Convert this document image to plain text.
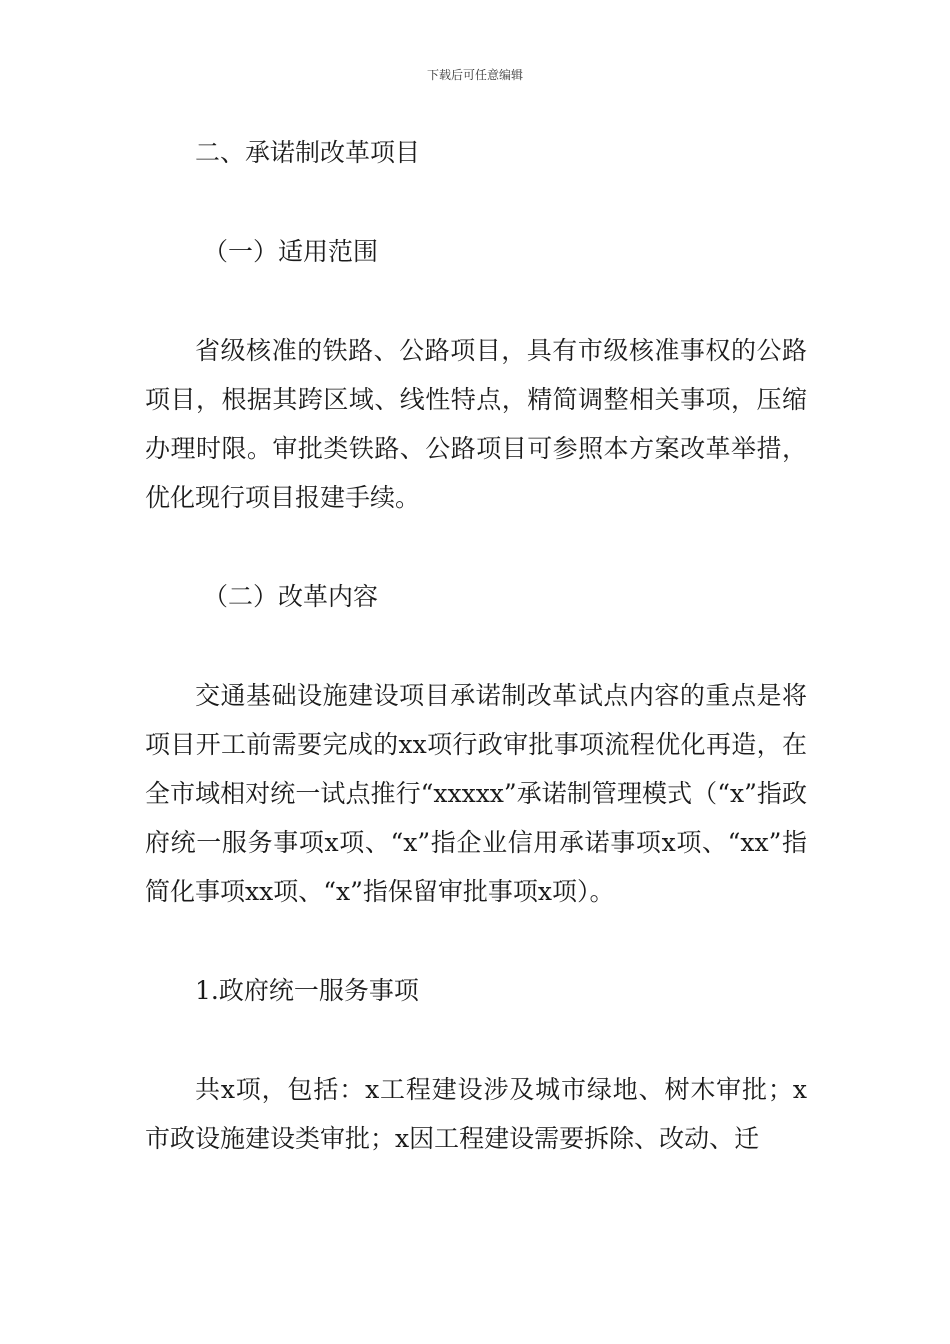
下载后可任意编辑

二、承诺制改革项目

（一）适用范围

省级核准的铁路、公路项目，具有市级核准事权的公路项目，根据其跨区域、线性特点，精简调整相关事项，压缩办理时限。审批类铁路、公路项目可参照本方案改革举措，优化现行项目报建手续。

（二）改革内容

交通基础设施建设项目承诺制改革试点内容的重点是将项目开工前需要完成的xx项行政审批事项流程优化再造，在全市域相对统一试点推行“xxxxx”承诺制管理模式（“x”指政府统一服务事项x项、“x”指企业信用承诺事项x项、“xx”指简化事项xx项、“x”指保留审批事项x项）。

1.政府统一服务事项

共x项，包括：x工程建设涉及城市绿地、树木审批；x市政设施建设类审批；x因工程建设需要拆除、改动、迁
